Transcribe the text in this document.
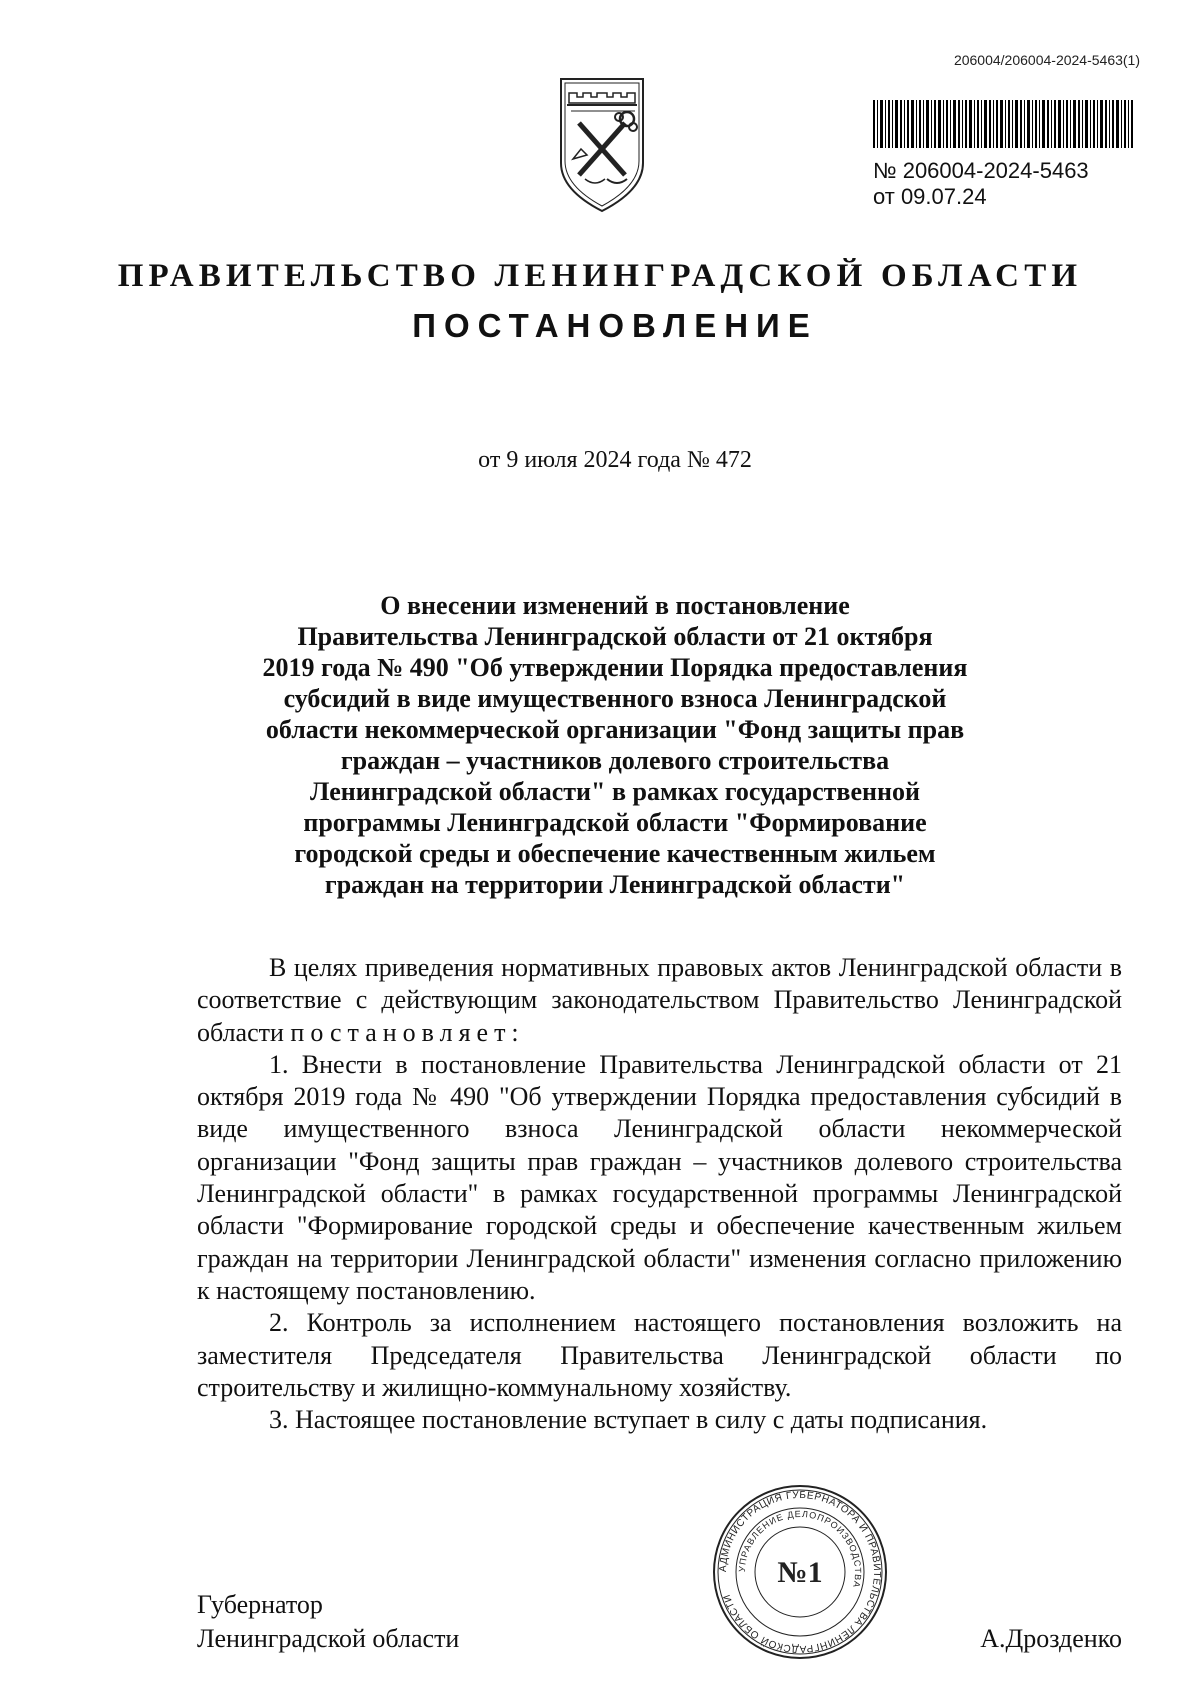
206004/206004-2024-5463(1)
№ 206004-2024-5463
от 09.07.24
ПРАВИТЕЛЬСТВО ЛЕНИНГРАДСКОЙ ОБЛАСТИ
ПОСТАНОВЛЕНИЕ
от 9 июля 2024 года № 472
О внесении изменений в постановление
Правительства Ленинградской области от 21 октября
2019 года № 490 "Об утверждении Порядка предоставления
субсидий в виде имущественного взноса Ленинградской
области некоммерческой организации "Фонд защиты прав
граждан – участников долевого строительства
Ленинградской области" в рамках государственной
программы Ленинградской области "Формирование
городской среды и обеспечение качественным жильем
граждан на территории Ленинградской области"

В целях приведения нормативных правовых актов Ленинградской области в соответствие с действующим законодательством Правительство Ленинградской области постановляет:

1. Внести в постановление Правительства Ленинградской области от 21 октября 2019 года № 490 "Об утверждении Порядка предоставления субсидий в виде имущественного взноса Ленинградской области некоммерческой организации "Фонд защиты прав граждан – участников долевого строительства Ленинградской области" в рамках государственной программы Ленинградской области "Формирование городской среды и обеспечение качественным жильем граждан на территории Ленинградской области" изменения согласно приложению к настоящему постановлению.

2. Контроль за исполнением настоящего постановления возложить на заместителя Председателя Правительства Ленинградской области по строительству и жилищно-коммунальному хозяйству.

3. Настоящее постановление вступает в силу с даты подписания.

Губернатор
Ленинградской области
АДМИНИСТРАЦИЯ ГУБЕРНАТОРА И ПРАВИТЕЛЬСТВА ЛЕНИНГРАДСКОЙ ОБЛАСТИ
УПРАВЛЕНИЕ ДЕЛОПРОИЗВОДСТВА
№1
А.Дрозденко
